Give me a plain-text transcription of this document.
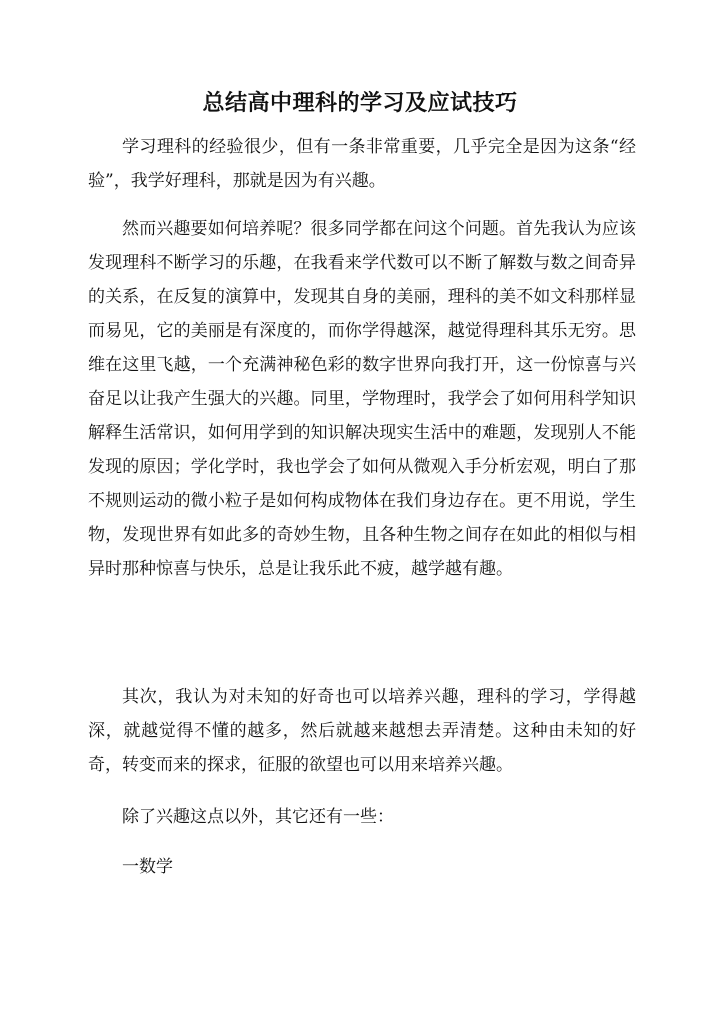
总结高中理科的学习及应试技巧

学习理科的经验很少，但有一条非常重要，几乎完全是因为这条“经验”，我学好理科，那就是因为有兴趣。

然而兴趣要如何培养呢？很多同学都在问这个问题。首先我认为应该发现理科不断学习的乐趣，在我看来学代数可以不断了解数与数之间奇异的关系，在反复的演算中，发现其自身的美丽，理科的美不如文科那样显而易见，它的美丽是有深度的，而你学得越深，越觉得理科其乐无穷。思维在这里飞越，一个充满神秘色彩的数字世界向我打开，这一份惊喜与兴奋足以让我产生强大的兴趣。同里，学物理时，我学会了如何用科学知识解释生活常识，如何用学到的知识解决现实生活中的难题，发现别人不能发现的原因；学化学时，我也学会了如何从微观入手分析宏观，明白了那不规则运动的微小粒子是如何构成物体在我们身边存在。更不用说，学生物，发现世界有如此多的奇妙生物，且各种生物之间存在如此的相似与相异时那种惊喜与快乐，总是让我乐此不疲，越学越有趣。

其次，我认为对未知的好奇也可以培养兴趣，理科的学习，学得越深，就越觉得不懂的越多，然后就越来越想去弄清楚。这种由未知的好奇，转变而来的探求，征服的欲望也可以用来培养兴趣。

除了兴趣这点以外，其它还有一些：

一数学
